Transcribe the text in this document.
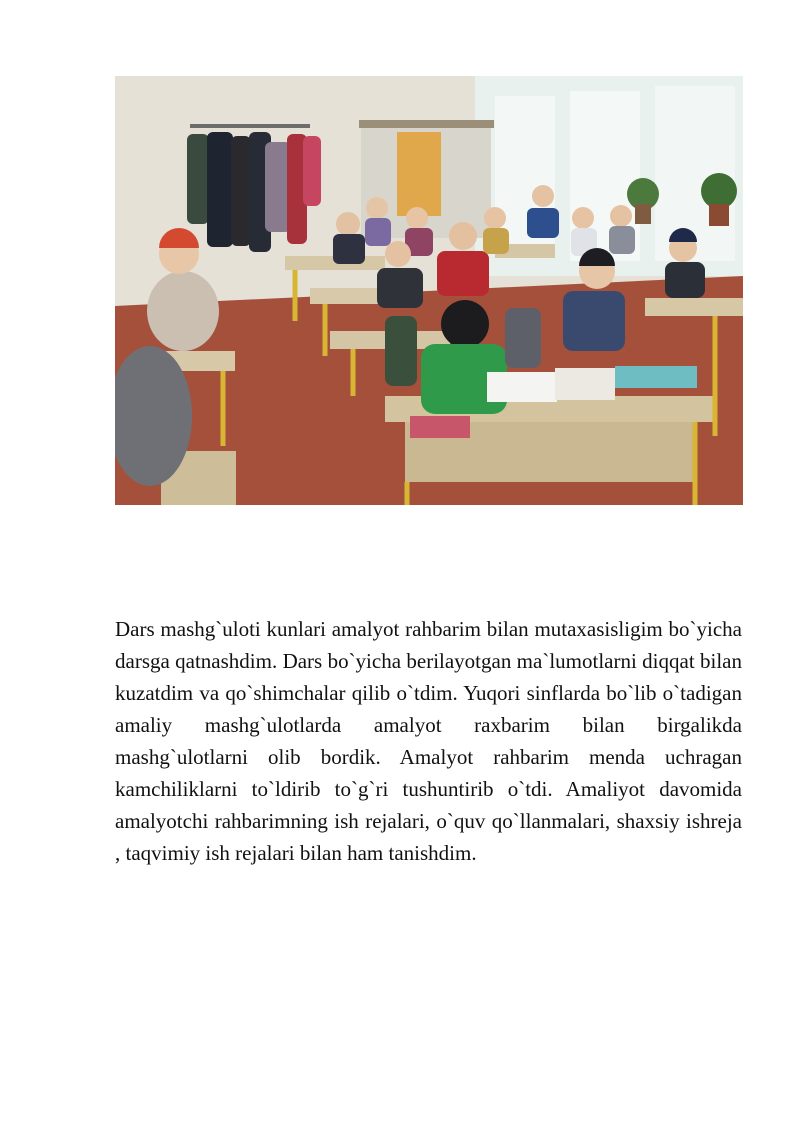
Dars mashg`uloti kunlari amalyot rahbarim bilan mutaxasisligim bo`yicha darsga qatnashdim. Dars bo`yicha berilayotgan ma`lumotlarni diqqat bilan kuzatdim va qo`shimchalar qilib o`tdim. Yuqori sinflarda bo`lib o`tadigan amaliy mashg`ulotlarda amalyot raxbarim bilan birgalikda mashg`ulotlarni olib bordik. Amalyot rahbarim menda uchragan kamchiliklarni to`ldirib to`g`ri tushuntirib o`tdi. Amaliyot davomida amalyotchi rahbarimning ish rejalari, o`quv qo`llanmalari, shaxsiy ishreja , taqvimiy ish rejalari bilan ham tanishdim.
